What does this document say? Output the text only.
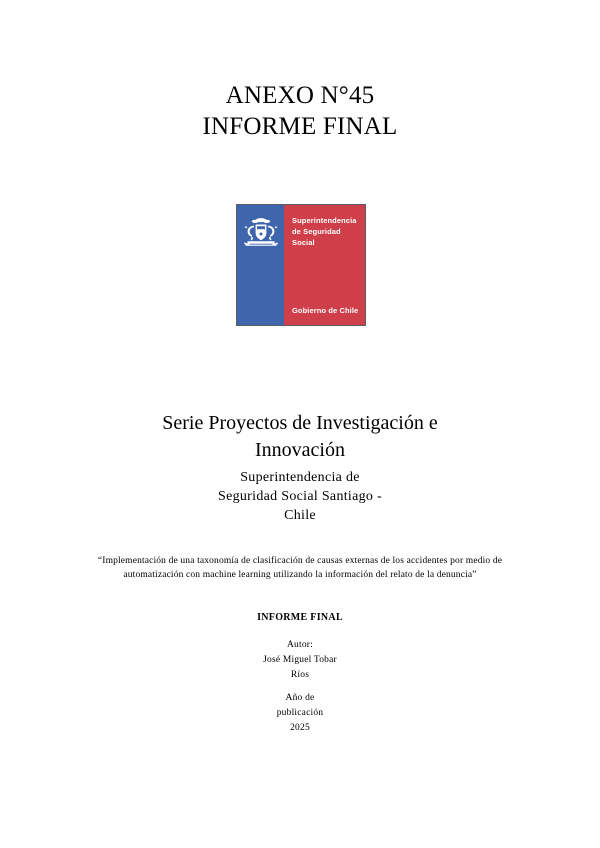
ANEXO N°45
INFORME FINAL
Superintendencia
de Seguridad
Social
Gobierno de Chile
Serie Proyectos de Investigación e
Innovación
Superintendencia de
Seguridad Social Santiago -
Chile
“Implementación de una taxonomía de clasificación de causas externas de los accidentes por medio de automatización con machine learning utilizando la información del relato de la denuncia”
INFORME FINAL
Autor:
José Miguel Tobar
Ríos
Año de
publicación
2025
